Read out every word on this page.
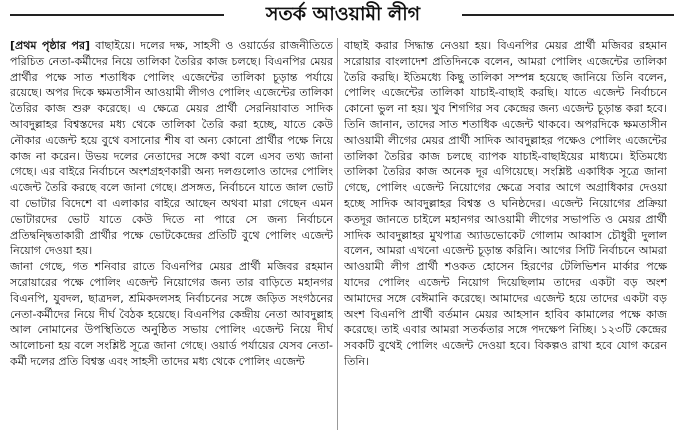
সতর্ক আওয়ামী লীগ

[প্রথম পৃষ্ঠার পর] বাছাইয়ে। দলের দক্ষ, সাহসী ও ওয়ার্ডের রাজনীতিতে পরিচিত নেতা-কর্মীদের নিয়ে তালিকা তৈরির কাজ চলছে। বিএনপির মেয়র প্রার্থীর পক্ষে সাত শতাধিক পোলিং এজেন্টের তালিকা চূড়ান্ত পর্যায়ে রয়েছে। অপর দিকে ক্ষমতাসীন আওয়ামী লীগও পোলিং এজেন্টের তালিকা তৈরির কাজ শুরু করেছে। এ ক্ষেত্রে মেয়র প্রার্থী সেরনিয়াবাত সাদিক আবদুল্লাহর বিশ্বস্তদের মধ্য থেকে তালিকা তৈরি করা হচ্ছে, যাতে কেউ নৌকার এজেন্ট হয়ে বুথে বসানোর শীষ বা অন্য কোনো প্রার্থীর পক্ষে নিয়ে কাজ না করেন। উভয় দলের নেতাদের সঙ্গে কথা বলে এসব তথ্য জানা গেছে। এর বাইরে নির্বাচনে অংশগ্রহণকারী অন্য দলগুলোও তাদের পোলিং এজেন্ট তৈরি করছে বলে জানা গেছে। প্রসঙ্গত, নির্বাচনে যাতে জাল ভোট বা ভোটার বিদেশে বা এলাকার বাইরে আছেন অথবা মারা গেছেন এমন ভোটারদের ভোট যাতে কেউ দিতে না পারে সে জন্য নির্বাচনে প্রতিদ্বন্দ্বিতাকারী প্রার্থীর পক্ষে ভোটকেন্দ্রের প্রতিটি বুথে পোলিং এজেন্ট নিয়োগ দেওয়া হয়।

জানা গেছে, গত শনিবার রাতে বিএনপির মেয়র প্রার্থী মজিবর রহমান সরোয়ারের পক্ষে পোলিং এজেন্ট নিয়োগের জন্য তার বাড়িতে মহানগর বিএনপি, যুবদল, ছাত্রদল, শ্রমিকদলসহ নির্বাচনের সঙ্গে জড়িত সংগঠনের নেতা-কর্মীদের নিয়ে দীর্ঘ বৈঠক হয়েছে। বিএনপির কেন্দ্রীয় নেতা আবদুল্লাহ আল নোমানের উপস্থিতিতে অনুষ্ঠিত সভায় পোলিং এজেন্ট নিয়ে দীর্ঘ আলোচনা হয় বলে সংশ্লিষ্ট সূত্রে জানা গেছে। ওয়ার্ড পর্যায়ের যেসব নেতা-কর্মী দলের প্রতি বিশ্বস্ত এবং সাহসী তাদের মধ্য থেকে পোলিং এজেন্ট

বাছাই করার সিদ্ধান্ত নেওয়া হয়। বিএনপির মেয়র প্রার্থী মজিবর রহমান সরোয়ার বাংলাদেশ প্রতিদিনকে বলেন, আমরা পোলিং এজেন্টের তালিকা তৈরি করছি। ইতিমধ্যে কিছু তালিকা সম্পন্ন হয়েছে জানিয়ে তিনি বলেন, পোলিং এজেন্টের তালিকা যাচাই-বাছাই করছি। যাতে এজেন্ট নির্বাচনে কোনো ভুল না হয়। খুব শিগগির সব কেন্দ্রের জন্য এজেন্ট চূড়ান্ত করা হবে। তিনি জানান, তাদের সাত শতাধিক এজেন্ট থাকবে। অপরদিকে ক্ষমতাসীন আওয়ামী লীগের মেয়র প্রার্থী সাদিক আবদুল্লাহর পক্ষেও পোলিং এজেন্টের তালিকা তৈরির কাজ চলছে ব্যাপক যাচাই-বাছাইয়ের মাধ্যমে। ইতিমধ্যে তালিকা তৈরির কাজ অনেক দূর এগিয়েছে। সংশ্লিষ্ট একাধিক সূত্রে জানা গেছে, পোলিং এজেন্ট নিয়োগের ক্ষেত্রে সবার আগে অগ্রাধিকার দেওয়া হচ্ছে সাদিক আবদুল্লাহর বিশ্বস্ত ও ঘনিষ্ঠদের। এজেন্ট নিয়োগের প্রক্রিয়া কতদূর জানতে চাইলে মহানগর আওয়ামী লীগের সভাপতি ও মেয়র প্রার্থী সাদিক আবদুল্লাহর মুখপাত্র অ্যাডভোকেট গোলাম আব্বাস চৌধুরী দুলাল বলেন, আমরা এখনো এজেন্ট চূড়ান্ত করিনি। আগের সিটি নির্বাচনে আমরা আওয়ামী লীগ প্রার্থী শওকত হোসেন হিরণের টেলিভিশন মার্কার পক্ষে যাদের পোলিং এজেন্ট নিয়োগ দিয়েছিলাম তাদের একটা বড় অংশ আমাদের সঙ্গে বেঈমানি করেছে। আমাদের এজেন্ট হয়ে তাদের একটা বড় অংশ বিএনপি প্রার্থী বর্তমান মেয়র আহসান হাবিব কামালের পক্ষে কাজ করেছে। তাই এবার আমরা সতর্কতার সঙ্গে পদক্ষেপ নিচ্ছি। ১২৩টি কেন্দ্রের সবকটি বুথেই পোলিং এজেন্ট দেওয়া হবে। বিকল্পও রাখা হবে যোগ করেন তিনি।
